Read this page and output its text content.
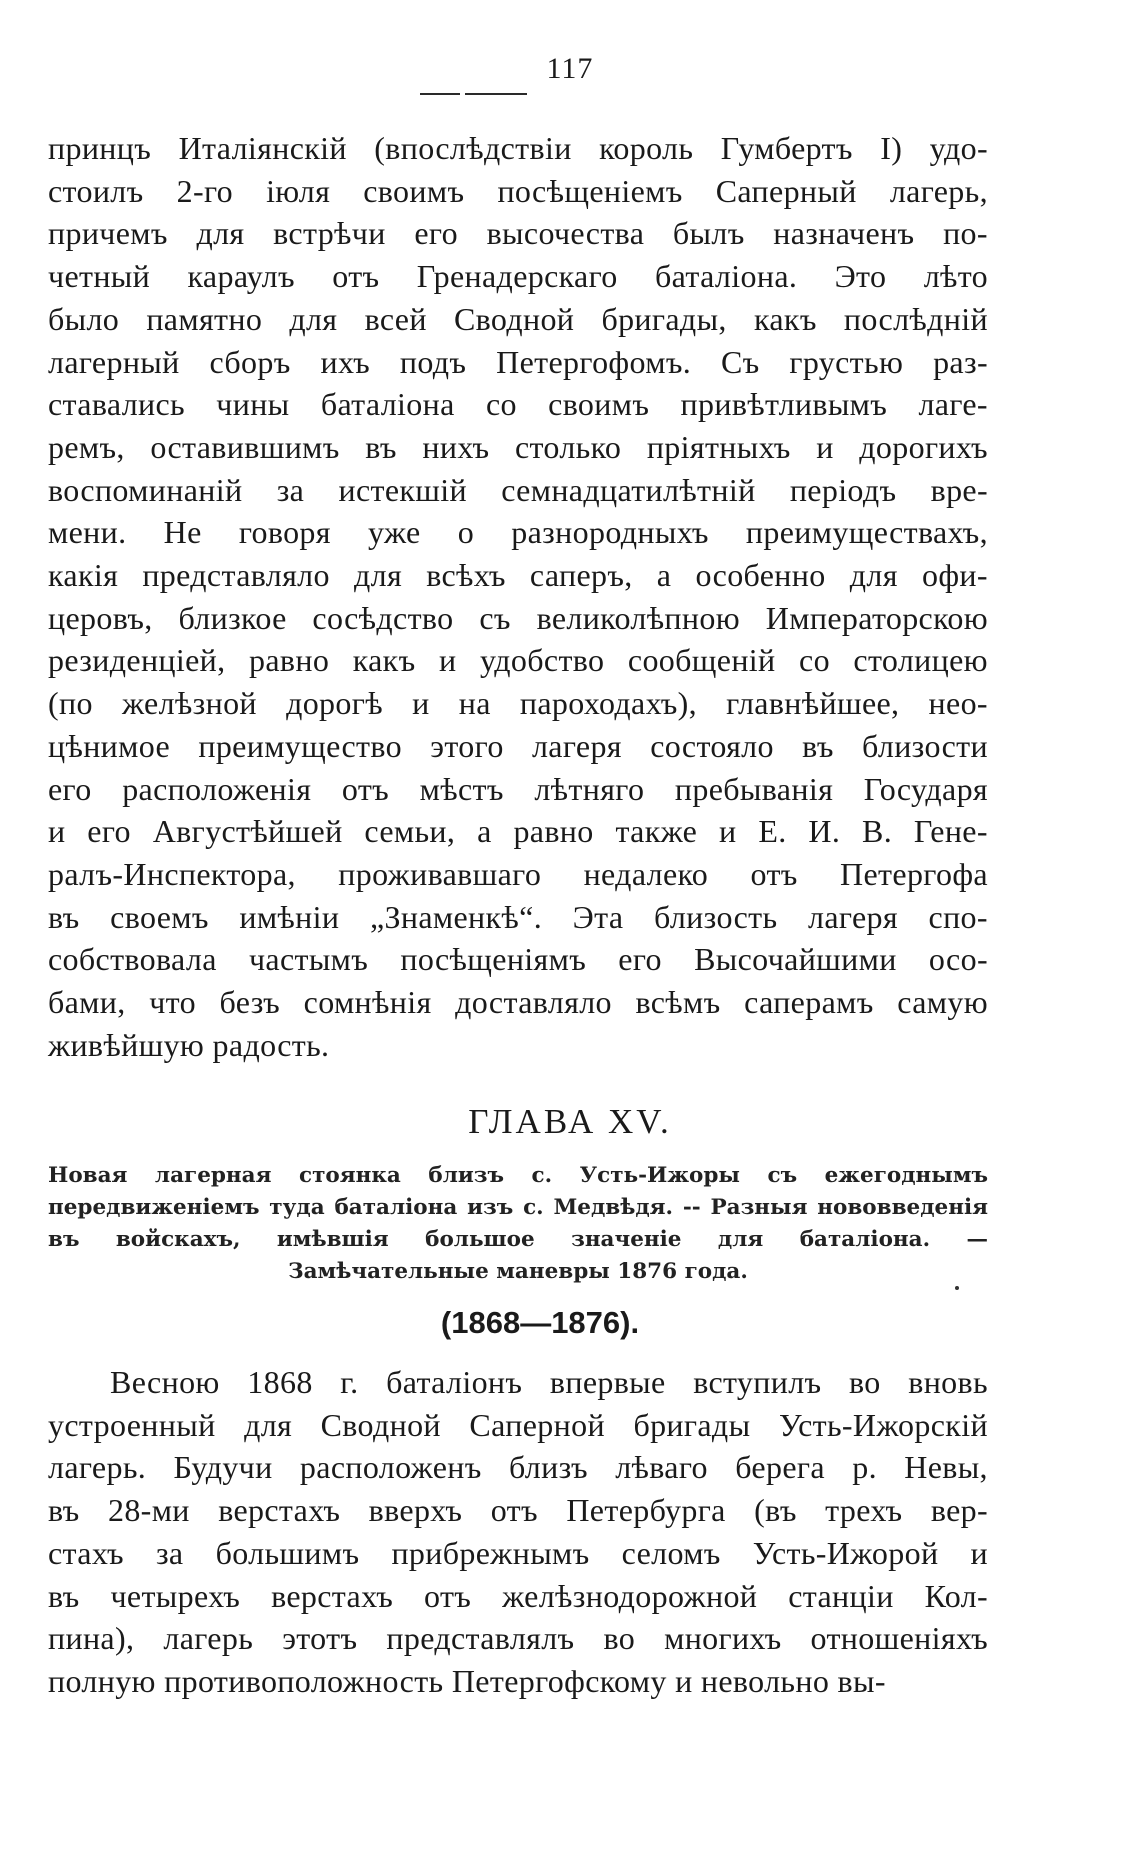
117
принцъ Италіянскій (впослѣдствіи король Гумбертъ I) удо-
стоилъ 2-го іюля своимъ посѣщеніемъ Саперный лагерь,
причемъ для встрѣчи его высочества былъ назначенъ по-
четный караулъ отъ Гренадерскаго баталіона. Это лѣто
было памятно для всей Сводной бригады, какъ послѣдній
лагерный сборъ ихъ подъ Петергофомъ. Съ грустью раз-
ставались чины баталіона со своимъ привѣтливымъ лаге-
ремъ, оставившимъ въ нихъ столько пріятныхъ и дорогихъ
воспоминаній за истекшій семнадцатилѣтній періодъ вре-
мени. Не говоря уже о разнородныхъ преимуществахъ,
какія представляло для всѣхъ саперъ, а особенно для офи-
церовъ, близкое сосѣдство съ великолѣпною Императорскою
резиденціей, равно какъ и удобство сообщеній со столицею
(по желѣзной дорогѣ и на пароходахъ), главнѣйшее, нео-
цѣнимое преимущество этого лагеря состояло въ близости
его расположенія отъ мѣстъ лѣтняго пребыванія Государя
и его Августѣйшей семьи, а равно также и Е. И. В. Гене-
ралъ-Инспектора, проживавшаго недалеко отъ Петергофа
въ своемъ имѣніи „Знаменкѣ“. Эта близость лагеря спо-
собствовала частымъ посѣщеніямъ его Высочайшими осо-
бами, что безъ сомнѣнія доставляло всѣмъ саперамъ самую
живѣйшую радость.
ГЛАВА XV.

Новая лагерная стоянка близъ с. Усть-Ижоры съ ежегоднымъ передвиженіемъ туда баталіона изъ с. Медвѣдя. -- Разныя нововведенія въ войскахъ, имѣвшія большое значеніе для баталіона. — Замѣчательные маневры 1876 года.

(1868—1876).
Весною 1868 г. баталіонъ впервые вступилъ во вновь
устроенный для Сводной Саперной бригады Усть-Ижорскій
лагерь. Будучи расположенъ близъ лѣваго берега р. Невы,
въ 28-ми верстахъ вверхъ отъ Петербурга (въ трехъ вер-
стахъ за большимъ прибрежнымъ селомъ Усть-Ижорой и
въ четырехъ верстахъ отъ желѣзнодорожной станціи Кол-
пина), лагерь этотъ представлялъ во многихъ отношеніяхъ
полную противоположность Петергофскому и невольно вы-
